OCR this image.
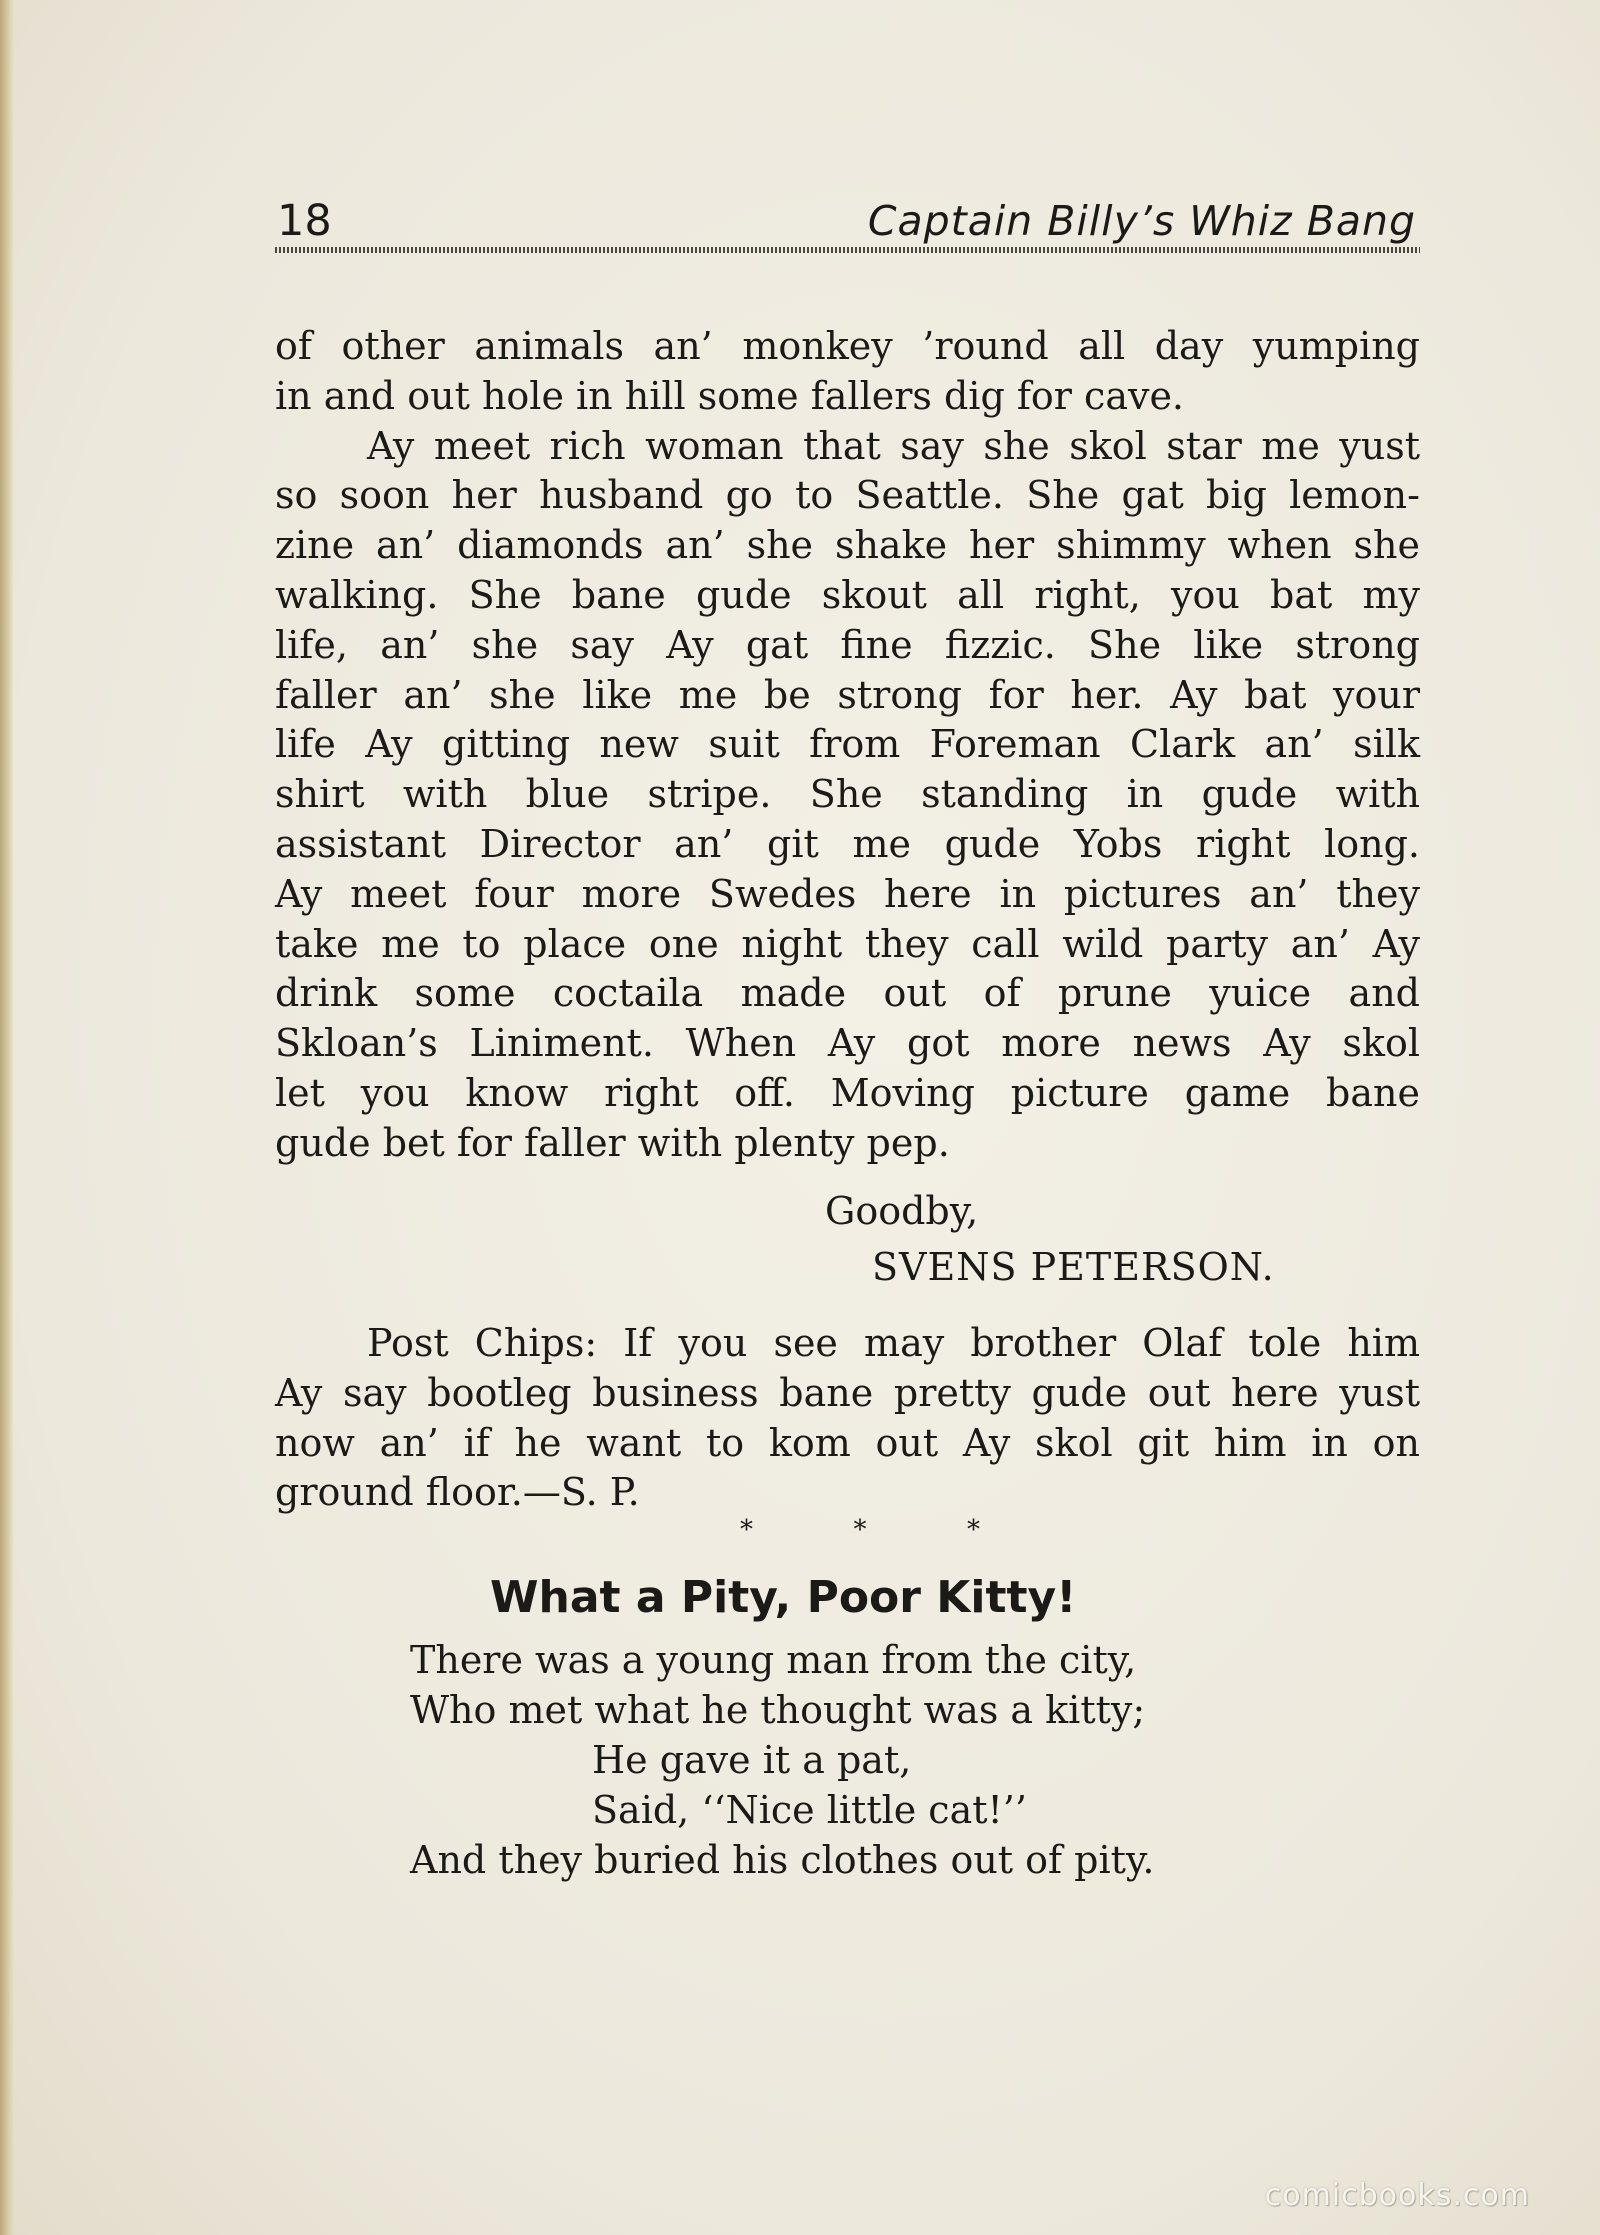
18	Captain Billy’s Whiz Bang
of other animals an’ monkey ’round all day yumping
in and out hole in hill some fallers dig for cave.
Ay meet rich woman that say she skol star me yust
so soon her husband go to Seattle. She gat big lemon-
zine an’ diamonds an’ she shake her shimmy when she
walking. She bane gude skout all right, you bat my
life, an’ she say Ay gat fine fizzic. She like strong
faller an’ she like me be strong for her. Ay bat your
life Ay gitting new suit from Foreman Clark an’ silk
shirt with blue stripe. She standing in gude with
assistant Director an’ git me gude Yobs right long.
Ay meet four more Swedes here in pictures an’ they
take me to place one night they call wild party an’ Ay
drink some coctaila made out of prune yuice and
Skloan’s Liniment. When Ay got more news Ay skol
let you know right off. Moving picture game bane
gude bet for faller with plenty pep.
Goodby,
SVENS PETERSON.
Post Chips: If you see may brother Olaf tole him
Ay say bootleg business bane pretty gude out here yust
now an’ if he want to kom out Ay skol git him in on
ground floor.—S. P.
*	*	*
What a Pity, Poor Kitty!
There was a young man from the city,
Who met what he thought was a kitty;
He gave it a pat,
Said, ‘‘Nice little cat!’’
And they buried his clothes out of pity.
comicbooks.com
